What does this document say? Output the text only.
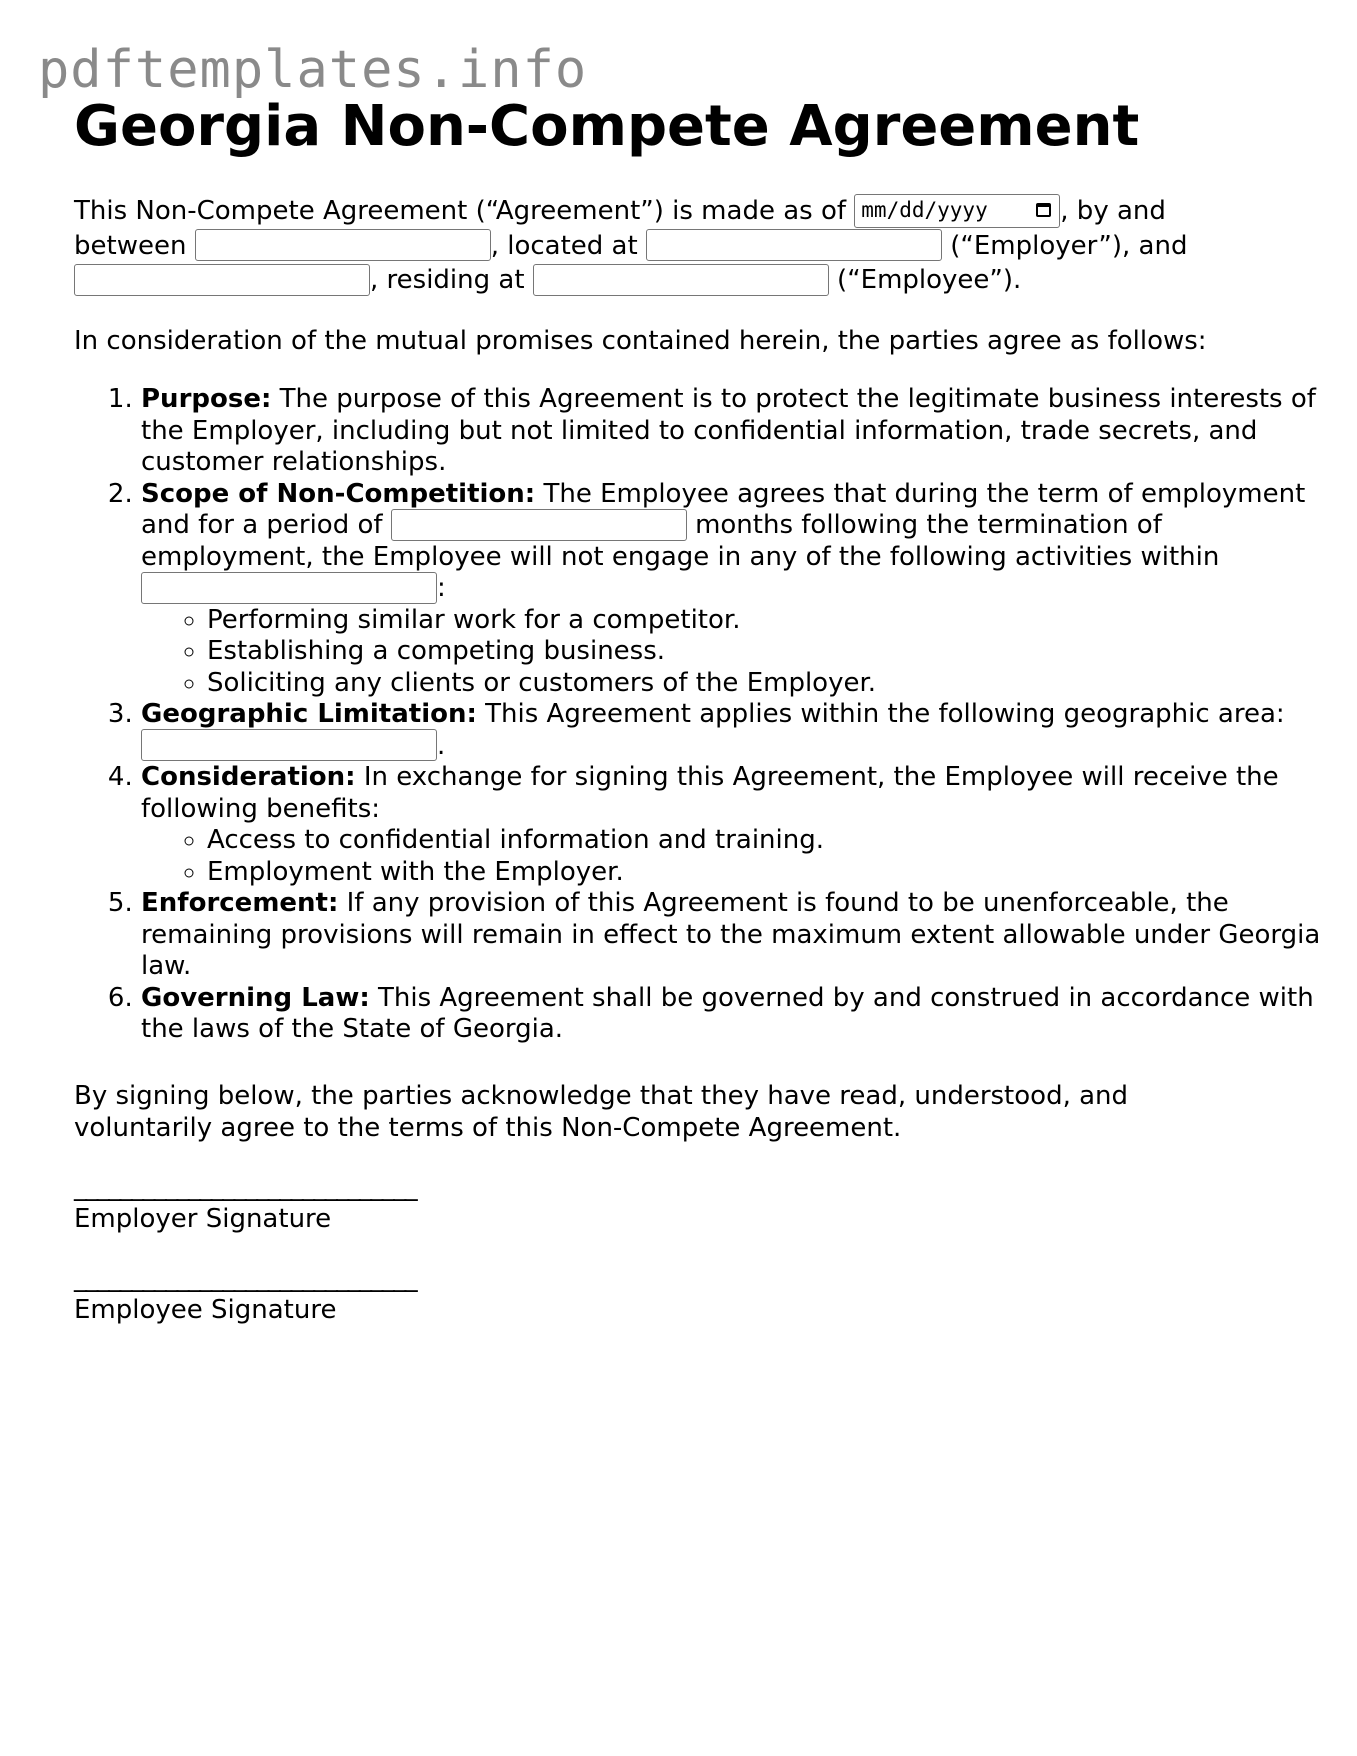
pdftemplates.info
Georgia Non-Compete Agreement

This Non-Compete Agreement (“Agreement”) is made as of mm/dd/yyyy	, by and between	, located at	(“Employer”), and , residing at	(“Employee”).

In consideration of the mutual promises contained herein, the parties agree as follows:

1. Purpose: The purpose of this Agreement is to protect the legitimate business interests of the Employer, including but not limited to confidential information, trade secrets, and customer relationships.
2. Scope of Non-Competition: The Employee agrees that during the term of employment and for a period of	months following the termination of employment, the Employee will not engage in any of the following activities within :
◦ Performing similar work for a competitor.
◦ Establishing a competing business.
◦ Soliciting any clients or customers of the Employer.
3. Geographic Limitation: This Agreement applies within the following geographic area: .
4. Consideration: In exchange for signing this Agreement, the Employee will receive the following benefits:
◦ Access to confidential information and training.
◦ Employment with the Employer.
5. Enforcement: If any provision of this Agreement is found to be unenforceable, the remaining provisions will remain in effect to the maximum extent allowable under Georgia law.
6. Governing Law: This Agreement shall be governed by and construed in accordance with the laws of the State of Georgia.

By signing below, the parties acknowledge that they have read, understood, and voluntarily agree to the terms of this Non-Compete Agreement.

______________________________
Employer Signature
______________________________
Employee Signature
